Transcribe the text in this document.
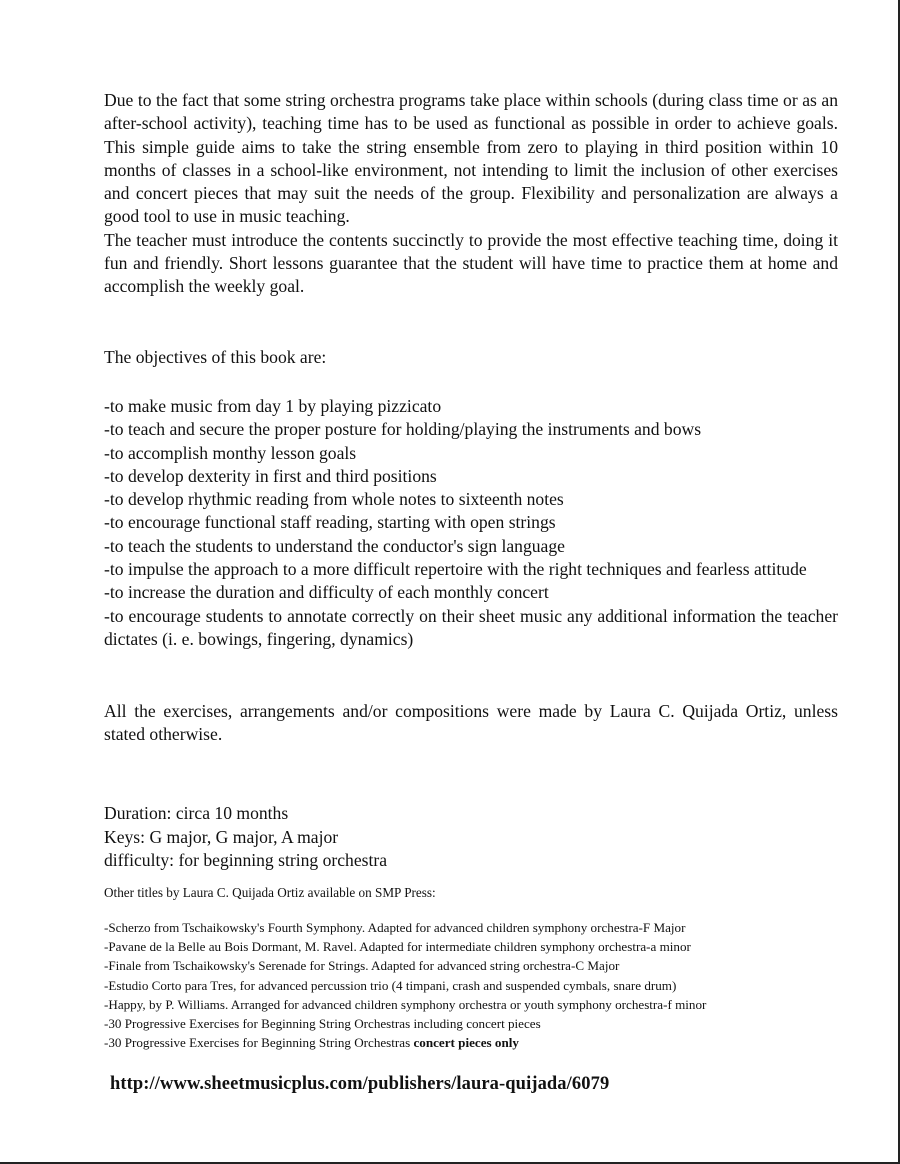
Due to the fact that some string orchestra programs take place within schools (during class time or as an after-school activity), teaching time has to be used as functional as possible in order to achieve goals. This simple guide aims to take the string ensemble from zero to playing in third position within 10 months of classes in a school-like environment, not intending to limit the inclusion of other exercises and concert pieces that may suit the needs of the group. Flexibility and personalization are always a good tool to use in music teaching.
The teacher must introduce the contents succinctly to provide the most effective teaching time, doing it fun and friendly. Short lessons guarantee that the student will have time to practice them at home and accomplish the weekly goal.
The objectives of this book are:
-to make music from day 1 by playing pizzicato
-to teach and secure the proper posture for holding/playing the instruments and bows
-to accomplish monthy lesson goals
-to develop dexterity in first and third positions
-to develop rhythmic reading from whole notes to sixteenth notes
-to encourage functional staff reading, starting with open strings
-to teach the students to understand the conductor's sign language
-to impulse the approach to a more difficult repertoire with the right techniques and fearless attitude
-to increase the duration and difficulty of each monthly concert
-to encourage students to annotate correctly on their sheet music any additional information the teacher dictates (i. e. bowings, fingering, dynamics)
All the exercises, arrangements and/or compositions were made by Laura C. Quijada Ortiz, unless stated otherwise.
Duration: circa 10 months
Keys: G major, G major, A major
difficulty: for beginning string orchestra
Other titles by Laura C. Quijada Ortiz available on SMP Press:
-Scherzo from Tschaikowsky's Fourth Symphony. Adapted for advanced children symphony orchestra-F Major
-Pavane de la Belle au Bois Dormant, M. Ravel. Adapted for intermediate children symphony orchestra-a minor
-Finale from Tschaikowsky's Serenade for Strings. Adapted for advanced string orchestra-C Major
-Estudio Corto para Tres, for advanced percussion trio (4 timpani, crash and suspended cymbals, snare drum)
-Happy, by P. Williams. Arranged for advanced children symphony orchestra or youth symphony orchestra-f minor
-30 Progressive Exercises for Beginning String Orchestras including concert pieces
-30 Progressive Exercises for Beginning String Orchestras concert pieces only
http://www.sheetmusicplus.com/publishers/laura-quijada/6079
